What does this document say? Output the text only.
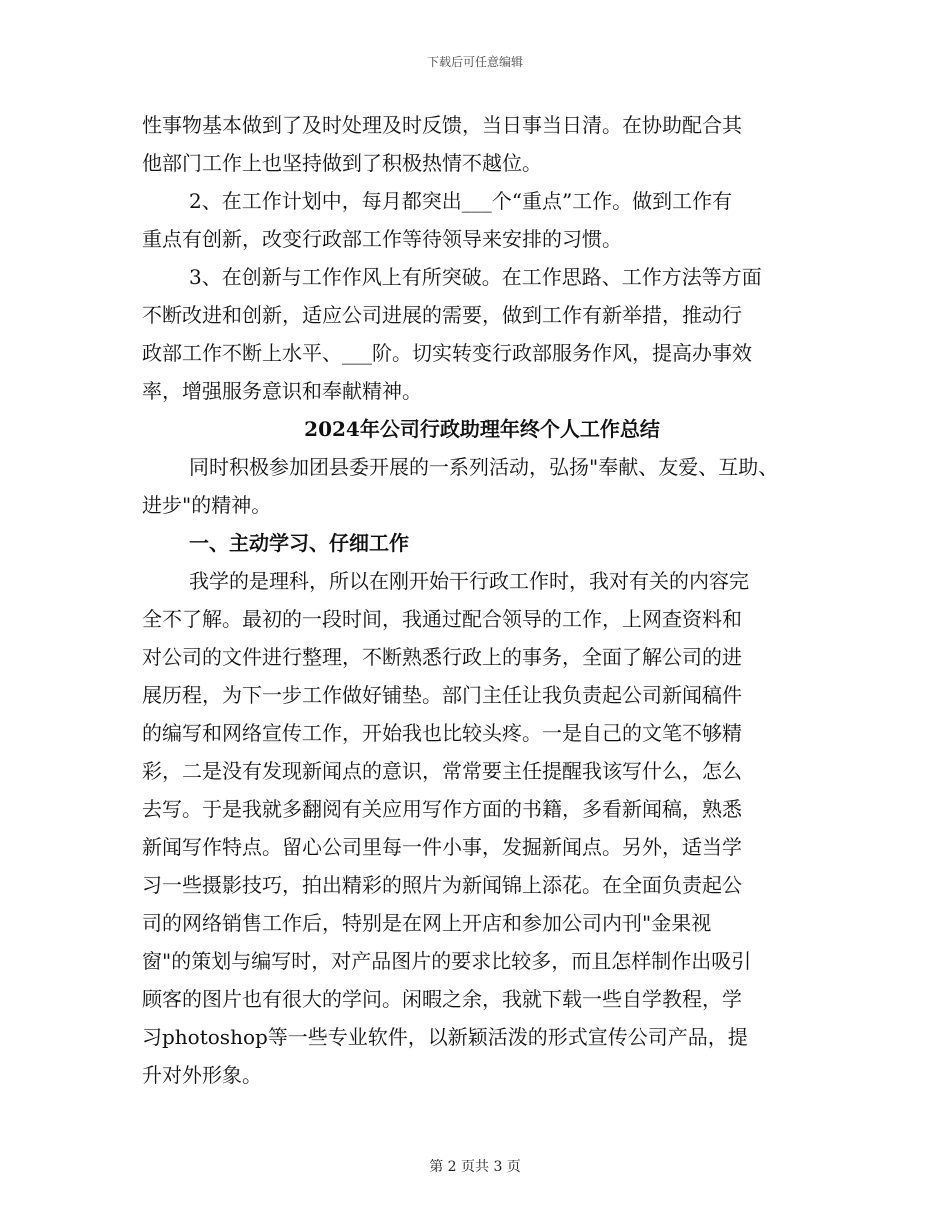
下载后可任意编辑
性事物基本做到了及时处理及时反馈，当日事当日清。在协助配合其
他部门工作上也坚持做到了积极热情不越位。
2、在工作计划中，每月都突出___个“重点”工作。做到工作有
重点有创新，改变行政部工作等待领导来安排的习惯。
3、在创新与工作作风上有所突破。在工作思路、工作方法等方面
不断改进和创新，适应公司进展的需要，做到工作有新举措，推动行
政部工作不断上水平、___阶。切实转变行政部服务作风，提高办事效
率，增强服务意识和奉献精神。
2024年公司行政助理年终个人工作总结
同时积极参加团县委开展的一系列活动，弘扬"奉献、友爱、互助、
进步"的精神。
一、主动学习、仔细工作
我学的是理科，所以在刚开始干行政工作时，我对有关的内容完
全不了解。最初的一段时间，我通过配合领导的工作，上网查资料和
对公司的文件进行整理，不断熟悉行政上的事务，全面了解公司的进
展历程，为下一步工作做好铺垫。部门主任让我负责起公司新闻稿件
的编写和网络宣传工作，开始我也比较头疼。一是自己的文笔不够精
彩，二是没有发现新闻点的意识，常常要主任提醒我该写什么，怎么
去写。于是我就多翻阅有关应用写作方面的书籍，多看新闻稿，熟悉
新闻写作特点。留心公司里每一件小事，发掘新闻点。另外，适当学
习一些摄影技巧，拍出精彩的照片为新闻锦上添花。在全面负责起公
司的网络销售工作后，特别是在网上开店和参加公司内刊"金果视
窗"的策划与编写时，对产品图片的要求比较多，而且怎样制作出吸引
顾客的图片也有很大的学问。闲暇之余，我就下载一些自学教程，学
习photoshop等一些专业软件，以新颖活泼的形式宣传公司产品，提
升对外形象。
第 2 页共 3 页
